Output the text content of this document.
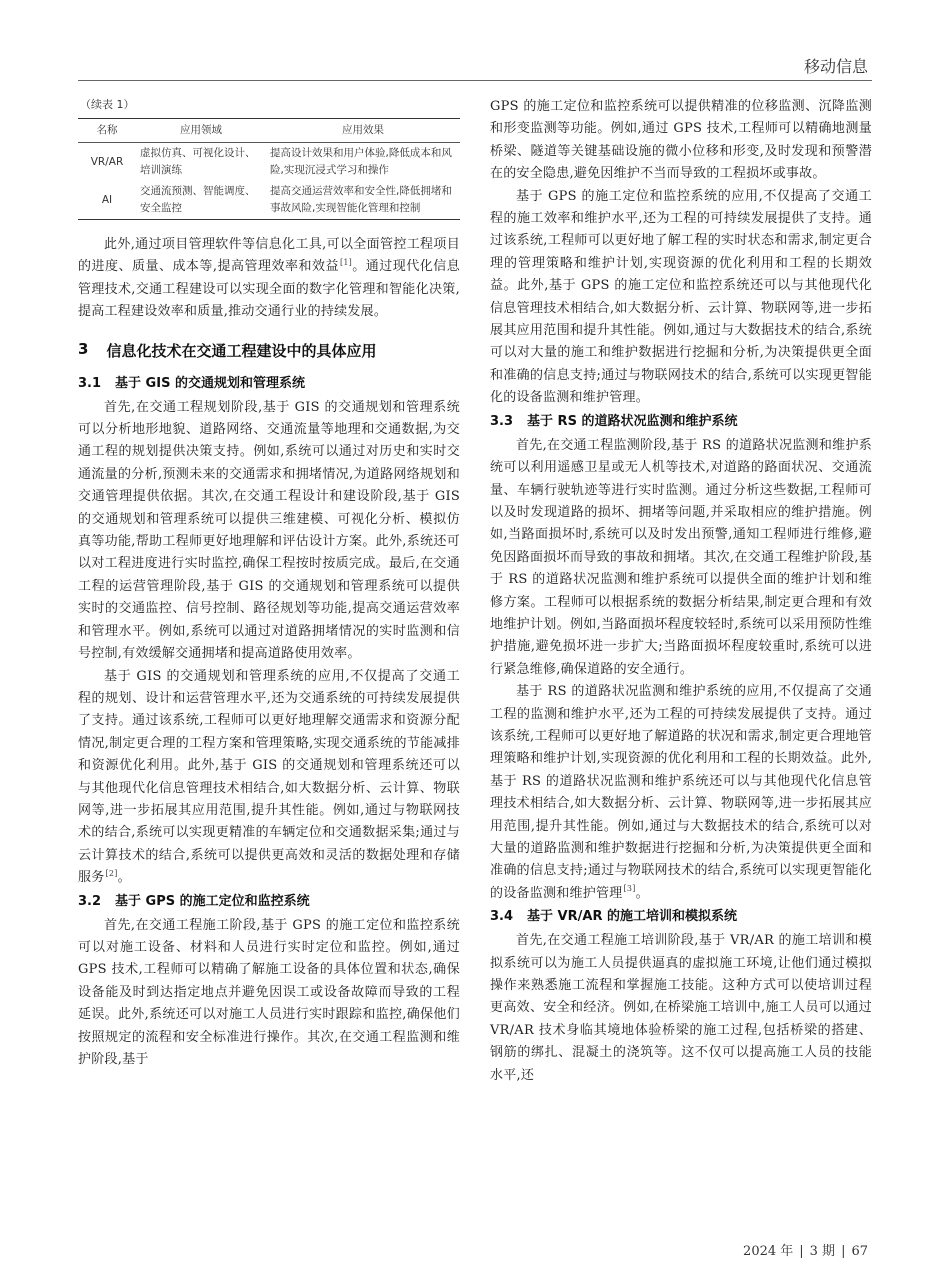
移动信息
（续表 1）
名称	应用领域	应用效果
VR/AR	虚拟仿真、可视化设计、培训演练	提高设计效果和用户体验,降低成本和风险,实现沉浸式学习和操作
AI	交通流预测、智能调度、安全监控	提高交通运营效率和安全性,降低拥堵和事故风险,实现智能化管理和控制

此外,通过项目管理软件等信息化工具,可以全面管控工程项目的进度、质量、成本等,提高管理效率和效益[1]。通过现代化信息管理技术,交通工程建设可以实现全面的数字化管理和智能化决策,提高工程建设效率和质量,推动交通行业的持续发展。

3 信息化技术在交通工程建设中的具体应用
3.1 基于 GIS 的交通规划和管理系统

首先,在交通工程规划阶段,基于 GIS 的交通规划和管理系统可以分析地形地貌、道路网络、交通流量等地理和交通数据,为交通工程的规划提供决策支持。例如,系统可以通过对历史和实时交通流量的分析,预测未来的交通需求和拥堵情况,为道路网络规划和交通管理提供依据。其次,在交通工程设计和建设阶段,基于 GIS 的交通规划和管理系统可以提供三维建模、可视化分析、模拟仿真等功能,帮助工程师更好地理解和评估设计方案。此外,系统还可以对工程进度进行实时监控,确保工程按时按质完成。最后,在交通工程的运营管理阶段,基于 GIS 的交通规划和管理系统可以提供实时的交通监控、信号控制、路径规划等功能,提高交通运营效率和管理水平。例如,系统可以通过对道路拥堵情况的实时监测和信号控制,有效缓解交通拥堵和提高道路使用效率。

基于 GIS 的交通规划和管理系统的应用,不仅提高了交通工程的规划、设计和运营管理水平,还为交通系统的可持续发展提供了支持。通过该系统,工程师可以更好地理解交通需求和资源分配情况,制定更合理的工程方案和管理策略,实现交通系统的节能减排和资源优化利用。此外,基于 GIS 的交通规划和管理系统还可以与其他现代化信息管理技术相结合,如大数据分析、云计算、物联网等,进一步拓展其应用范围,提升其性能。例如,通过与物联网技术的结合,系统可以实现更精准的车辆定位和交通数据采集;通过与云计算技术的结合,系统可以提供更高效和灵活的数据处理和存储服务[2]。

3.2 基于 GPS 的施工定位和监控系统

首先,在交通工程施工阶段,基于 GPS 的施工定位和监控系统可以对施工设备、材料和人员进行实时定位和监控。例如,通过 GPS 技术,工程师可以精确了解施工设备的具体位置和状态,确保设备能及时到达指定地点并避免因误工或设备故障而导致的工程延误。此外,系统还可以对施工人员进行实时跟踪和监控,确保他们按照规定的流程和安全标准进行操作。其次,在交通工程监测和维护阶段,基于

GPS 的施工定位和监控系统可以提供精准的位移监测、沉降监测和形变监测等功能。例如,通过 GPS 技术,工程师可以精确地测量桥梁、隧道等关键基础设施的微小位移和形变,及时发现和预警潜在的安全隐患,避免因维护不当而导致的工程损坏或事故。

基于 GPS 的施工定位和监控系统的应用,不仅提高了交通工程的施工效率和维护水平,还为工程的可持续发展提供了支持。通过该系统,工程师可以更好地了解工程的实时状态和需求,制定更合理的管理策略和维护计划,实现资源的优化利用和工程的长期效益。此外,基于 GPS 的施工定位和监控系统还可以与其他现代化信息管理技术相结合,如大数据分析、云计算、物联网等,进一步拓展其应用范围和提升其性能。例如,通过与大数据技术的结合,系统可以对大量的施工和维护数据进行挖掘和分析,为决策提供更全面和准确的信息支持;通过与物联网技术的结合,系统可以实现更智能化的设备监测和维护管理。

3.3 基于 RS 的道路状况监测和维护系统

首先,在交通工程监测阶段,基于 RS 的道路状况监测和维护系统可以利用遥感卫星或无人机等技术,对道路的路面状况、交通流量、车辆行驶轨迹等进行实时监测。通过分析这些数据,工程师可以及时发现道路的损坏、拥堵等问题,并采取相应的维护措施。例如,当路面损坏时,系统可以及时发出预警,通知工程师进行维修,避免因路面损坏而导致的事故和拥堵。其次,在交通工程维护阶段,基于 RS 的道路状况监测和维护系统可以提供全面的维护计划和维修方案。工程师可以根据系统的数据分析结果,制定更合理和有效地维护计划。例如,当路面损坏程度较轻时,系统可以采用预防性维护措施,避免损坏进一步扩大;当路面损坏程度较重时,系统可以进行紧急维修,确保道路的安全通行。

基于 RS 的道路状况监测和维护系统的应用,不仅提高了交通工程的监测和维护水平,还为工程的可持续发展提供了支持。通过该系统,工程师可以更好地了解道路的状况和需求,制定更合理地管理策略和维护计划,实现资源的优化利用和工程的长期效益。此外,基于 RS 的道路状况监测和维护系统还可以与其他现代化信息管理技术相结合,如大数据分析、云计算、物联网等,进一步拓展其应用范围,提升其性能。例如,通过与大数据技术的结合,系统可以对大量的道路监测和维护数据进行挖掘和分析,为决策提供更全面和准确的信息支持;通过与物联网技术的结合,系统可以实现更智能化的设备监测和维护管理[3]。

3.4 基于 VR/AR 的施工培训和模拟系统

首先,在交通工程施工培训阶段,基于 VR/AR 的施工培训和模拟系统可以为施工人员提供逼真的虚拟施工环境,让他们通过模拟操作来熟悉施工流程和掌握施工技能。这种方式可以使培训过程更高效、安全和经济。例如,在桥梁施工培训中,施工人员可以通过 VR/AR 技术身临其境地体验桥梁的施工过程,包括桥梁的搭建、钢筋的绑扎、混凝土的浇筑等。这不仅可以提高施工人员的技能水平,还

2024 年 | 3 期 | 67
